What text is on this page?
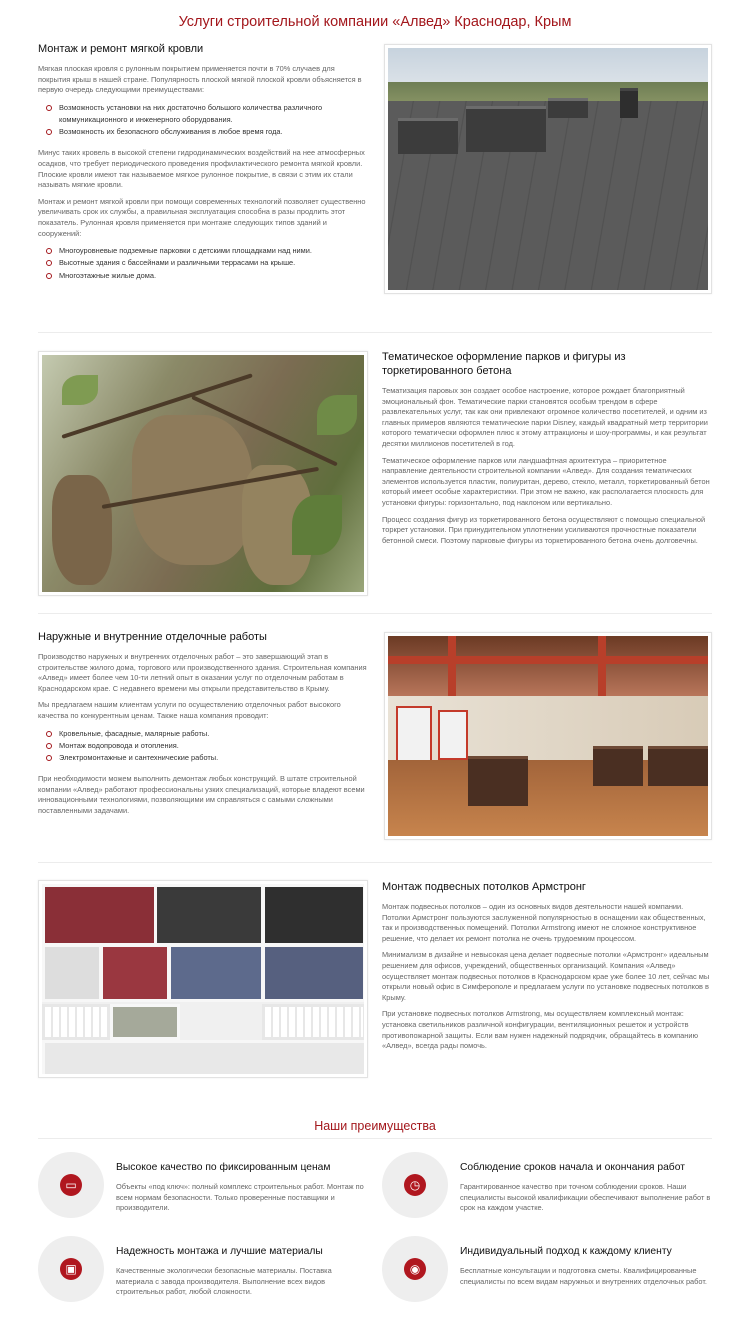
Услуги строительной компании «Алвед» Краснодар, Крым
Монтаж и ремонт мягкой кровли

Мягкая плоская кровля с рулонным покрытием применяется почти в 70% случаев для покрытия крыш в нашей стране. Популярность плоской мягкой плоской кровли объясняется в первую очередь следующими преимуществами:

Возможность установки на них достаточно большого количества различного коммуникационного и инженерного оборудования.
Возможность их безопасного обслуживания в любое время года.

Минус таких кровель в высокой степени гидродинамических воздействий на нее атмосферных осадков, что требует периодического проведения профилактического ремонта мягкой кровли. Плоские кровли имеют так называемое мягкое рулонное покрытие, в связи с этим их стали называть мягкие кровли.

Монтаж и ремонт мягкой кровли при помощи современных технологий позволяет существенно увеличивать срок их службы, а правильная эксплуатация способна в разы продлить этот показатель. Рулонная кровля применяется при монтаже следующих типов зданий и сооружений:

Многоуровневые подземные парковки с детскими площадками над ними.
Высотные здания с бассейнами и различными террасами на крыше.
Многоэтажные жилые дома.
Тематическое оформление парков и фигуры из торкетированного бетона

Тематизация паровых зон создает особое настроение, которое рождает благоприятный эмоциональный фон. Тематические парки становятся особым трендом в сфере развлекательных услуг, так как они привлекают огромное количество посетителей, и одним из главных примеров являются тематические парки Disney, каждый квадратный метр территории которого тематически оформлен плюс к этому аттракционы и шоу-программы, и как результат десятки миллионов посетителей в год.

Тематическое оформление парков или ландшафтная архитектура – приоритетное направление деятельности строительной компании «Алвед». Для создания тематических элементов используется пластик, полиуритан, дерево, стекло, металл, торкетированный бетон который имеет особые характеристики. При этом не важно, как располагается плоскость для установки фигуры: горизонтально, под наклоном или вертикально.

Процесс создания фигур из торкетированного бетона осуществляют с помощью специальной торкрет установки. При принудительном уплотнении усиливаются прочностные показатели бетонной смеси. Поэтому парковые фигуры из торкетированного бетона очень долговечны.

Наружные и внутренние отделочные работы

Производство наружных и внутренних отделочных работ – это завершающий этап в строительстве жилого дома, торгового или производственного здания. Строительная компания «Алвед» имеет более чем 10-ти летний опыт в оказании услуг по отделочным работам в Краснодарском крае. С недавнего времени мы открыли представительство в Крыму.

Мы предлагаем нашим клиентам услуги по осуществлению отделочных работ высокого качества по конкурентным ценам. Также наша компания проводит:

Кровельные, фасадные, малярные работы.
Монтаж водопровода и отопления.
Электромонтажные и сантехнические работы.

При необходимости можем выполнить демонтаж любых конструкций. В штате строительной компании «Алвед» работают профессиональны узких специализаций, которые владеют всеми инновационными технологиями, позволяющими им справляться с самыми сложными поставленными задачами.

Монтаж подвесных потолков Армстронг

Монтаж подвесных потолков – один из основных видов деятельности нашей компании. Потолки Армстронг пользуются заслуженной популярностью в оснащении как общественных, так и производственных помещений. Потолки Armstrong имеют не сложное конструктивное решение, что делает их ремонт потолка не очень трудоемким процессом.

Минимализм в дизайне и невысокая цена делает подвесные потолки «Армстронг» идеальным решением для офисов, учреждений, общественных организаций. Компания «Алвед» осуществляет монтаж подвесных потолков в Краснодарском крае уже более 10 лет, сейчас мы открыли новый офис в Симферополе и предлагаем услуги по установке подвесных потолков в Крыму.

При установке подвесных потолков Armstrong, мы осуществляем комплексный монтаж: установка светильников различной конфигурации, вентиляционных решеток и устройств противопожарной защиты. Если вам нужен надежный подрядчик, обращайтесь в компанию «Алвед», всегда рады помочь.

Наши преимущества
▭
Высокое качество по фиксированным ценам

Объекты «под ключ»: полный комплекс строительных работ. Монтаж по всем нормам безопасности. Только проверенные поставщики и производители.

◷
Соблюдение сроков начала и окончания работ

Гарантированное качество при точном соблюдении сроков. Наши специалисты высокой квалификации обеспечивают выполнение работ в срок на каждом участке.

▣
Надежность монтажа и лучшие материалы

Качественные экологически безопасные материалы. Поставка материала с завода производителя. Выполнение всех видов строительных работ, любой сложности.

◉
Индивидуальный подход к каждому клиенту

Бесплатные консультации и подготовка сметы. Квалифицированные специалисты по всем видам наружных и внутренних отделочных работ.
